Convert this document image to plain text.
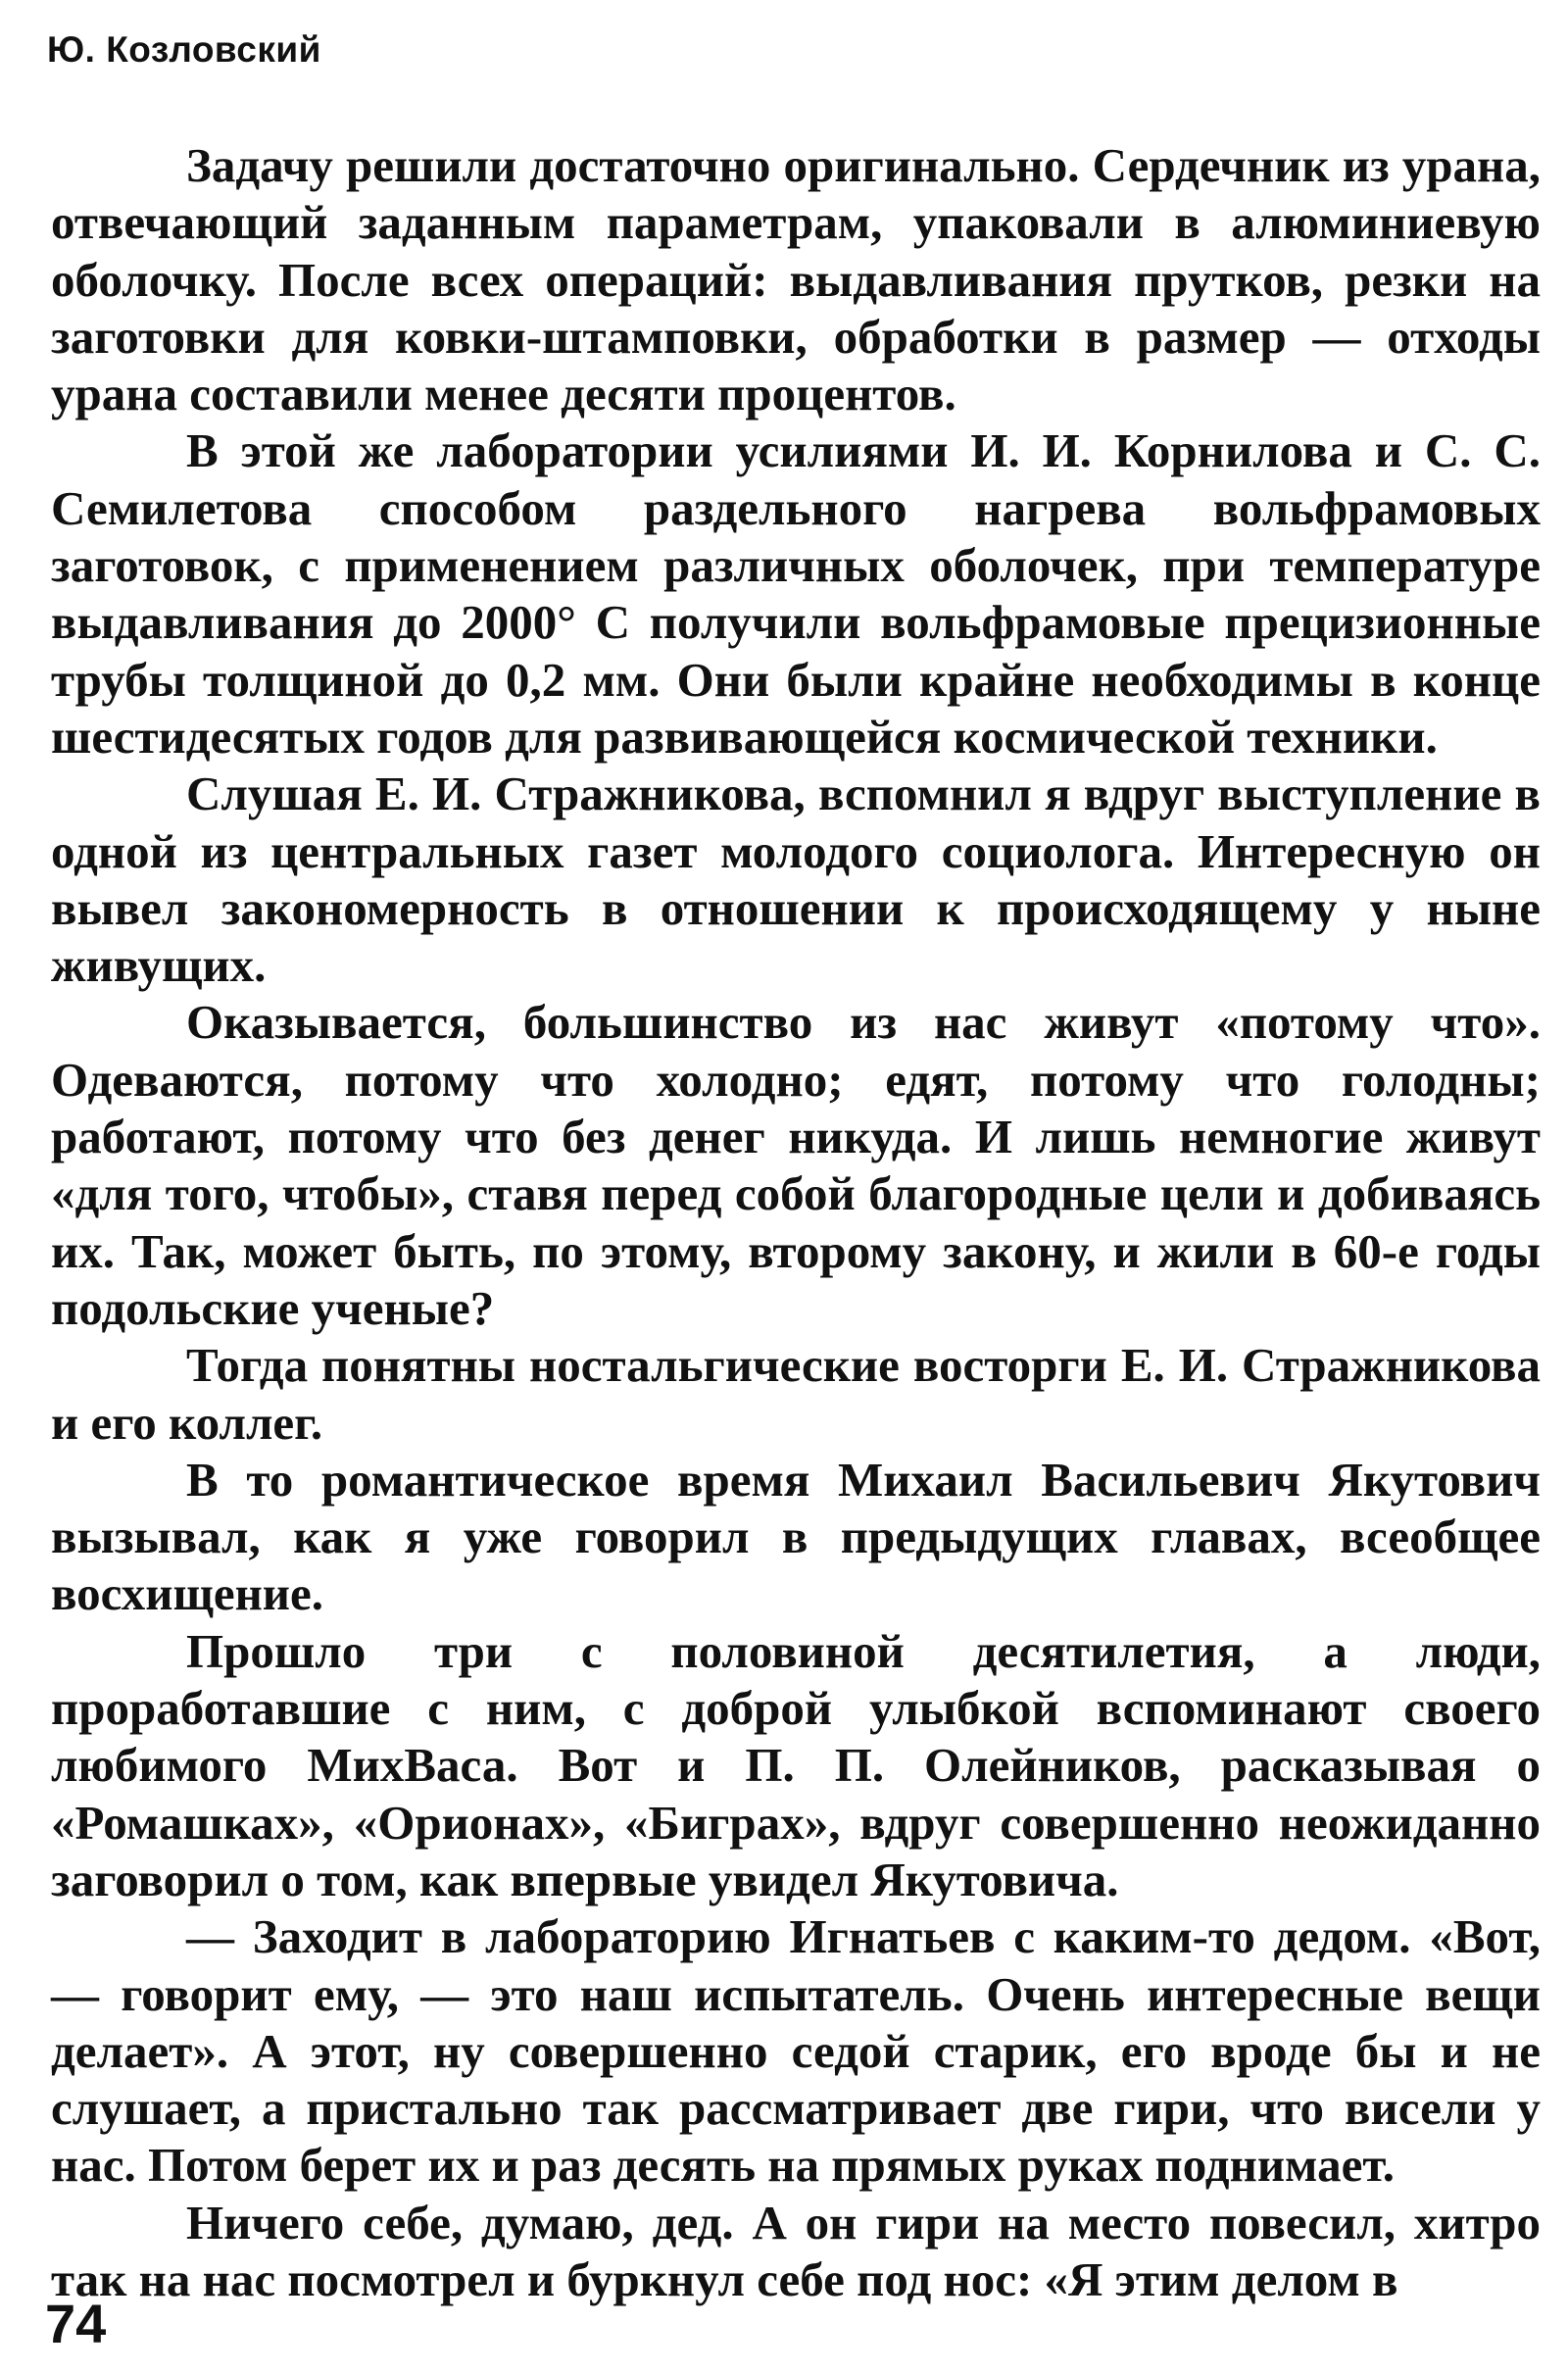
Ю. Козловский

Задачу решили достаточно оригинально. Сердечник из урана, отвечающий заданным параметрам, упаковали в алюминиевую оболочку. После всех операций: выдавливания прутков, резки на заготовки для ковки-штамповки, обработки в размер — отходы урана составили менее десяти процентов.

В этой же лаборатории усилиями И. И. Корнилова и С. С. Семилетова способом раздельного нагрева вольфрамовых заготовок, с применением различных оболочек, при температуре выдавливания до 2000° С получили вольфрамовые прецизионные трубы толщиной до 0,2 мм. Они были крайне необходимы в конце шестидесятых годов для развивающейся космической техники.

Слушая Е. И. Стражникова, вспомнил я вдруг выступление в одной из центральных газет молодого социолога. Интересную он вывел закономерность в отношении к происходящему у ныне живущих.

Оказывается, большинство из нас живут «потому что». Одеваются, потому что холодно; едят, потому что голодны; работают, потому что без денег никуда. И лишь немногие живут «для того, чтобы», ставя перед собой благородные цели и добиваясь их. Так, может быть, по этому, второму закону, и жили в 60-е годы подольские ученые?

Тогда понятны ностальгические восторги Е. И. Стражникова и его коллег.

В то романтическое время Михаил Васильевич Якутович вызывал, как я уже говорил в предыдущих главах, всеобщее восхищение.

Прошло три с половиной десятилетия, а люди, проработавшие с ним, с доброй улыбкой вспоминают своего любимого МихВаса. Вот и П. П. Олейников, расказывая о «Ромашках», «Орионах», «Биграх», вдруг совершенно неожиданно заговорил о том, как впервые увидел Якутовича.

— Заходит в лабораторию Игнатьев с каким-то дедом. «Вот, — говорит ему, — это наш испытатель. Очень интересные вещи делает». А этот, ну совершенно седой старик, его вроде бы и не слушает, а пристально так рассматривает две гири, что висели у нас. Потом берет их и раз десять на прямых руках поднимает.

Ничего себе, думаю, дед. А он гири на место повесил, хитро так на нас посмотрел и буркнул себе под нос: «Я этим делом в

74
